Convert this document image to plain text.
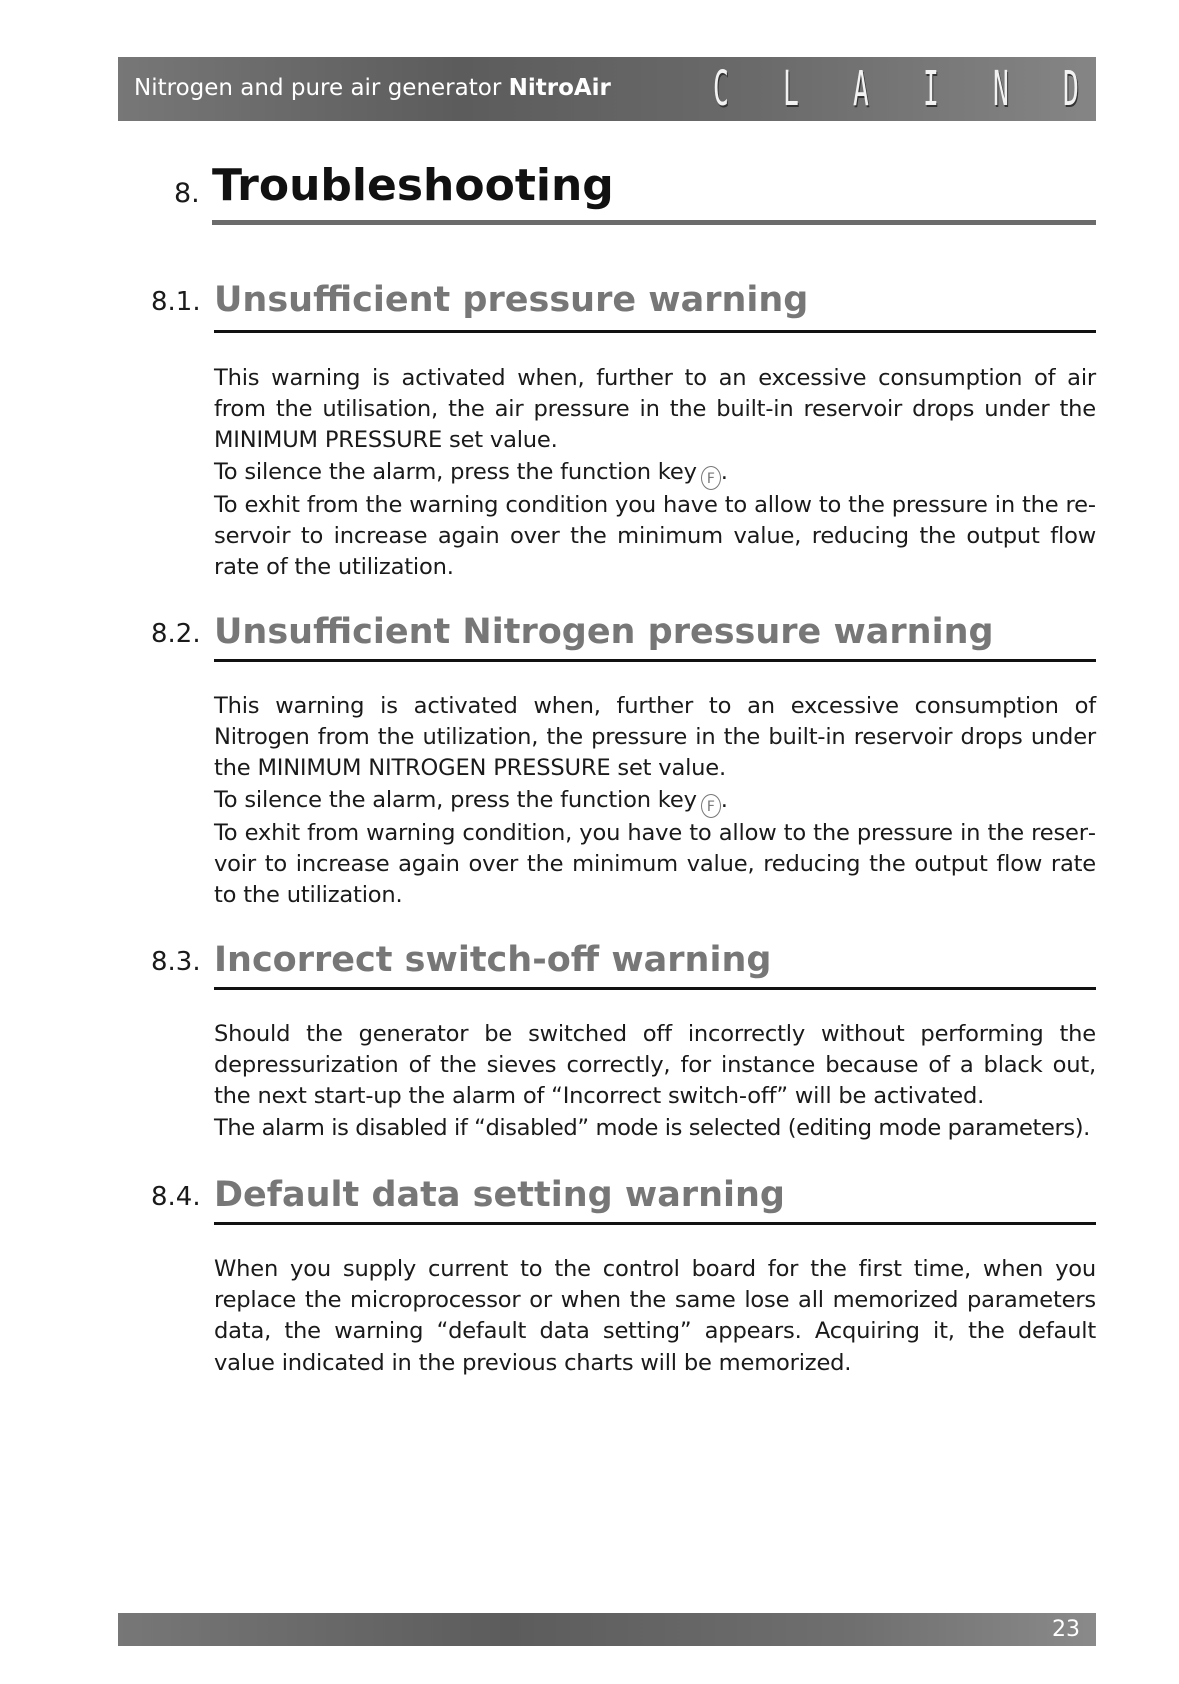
Nitrogen and pure air generator NitroAir C L A I N D
8. Troubleshooting
8.1. Unsufficient pressure warning

This warning is activated when, further to an excessive consumption of air from the utilisation, the air pressure in the built-in reservoir drops under the MINIMUM PRESSURE set value.

To silence the alarm, press the function key F .

To exhit from the warning condition you have to allow to the pressure in the reservoir to increase again over the minimum value, reducing the output flow rate of the utilization.

8.2. Unsufficient Nitrogen pressure warning

This warning is activated when, further to an excessive consumption of Nitrogen from the utilization, the pressure in the built-in reservoir drops under the MINIMUM NITROGEN PRESSURE set value.

To silence the alarm, press the function key F .

To exhit from warning condition, you have to allow to the pressure in the reservoir to increase again over the minimum value, reducing the output flow rate to the utilization.

8.3. Incorrect switch-off warning

Should the generator be switched off incorrectly without performing the depressurization of the sieves correctly, for instance because of a black out, the next start-up the alarm of “Incorrect switch-off” will be activated.

The alarm is disabled if “disabled” mode is selected (editing mode parameters).

8.4. Default data setting warning

When you supply current to the control board for the first time, when you replace the microprocessor or when the same lose all memorized parameters data, the warning “default data setting” appears. Acquiring it, the default value indicated in the previous charts will be memorized.

23
